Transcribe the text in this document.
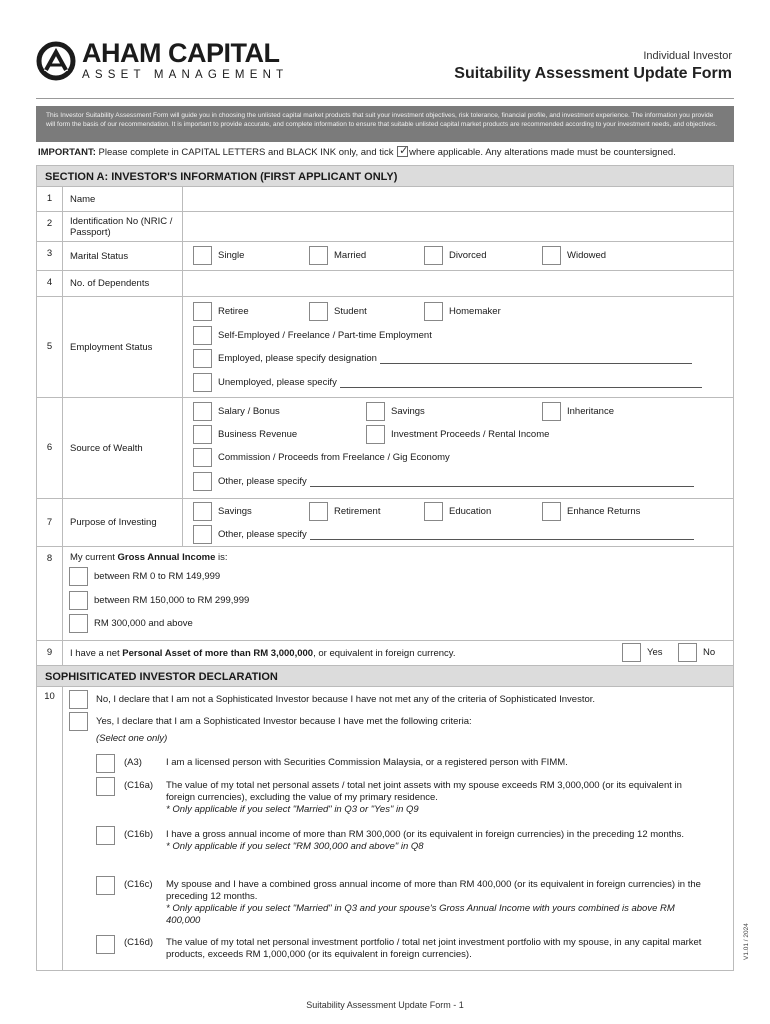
AHAM CAPITAL
ASSET MANAGEMENT
Individual Investor
Suitability Assessment Update Form
This Investor Suitability Assessment Form will guide you in choosing the unlisted capital market products that suit your investment objectives, risk tolerance, financial profile, and investment experience. The information you provide will form the basis of our recommendation. It is important to provide accurate, and complete information to ensure that suitable unlisted capital market products are recommended according to your investment needs, and objectives.
IMPORTANT: Please complete in CAPITAL LETTERS and BLACK INK only, and tick ✓ where applicable. Any alterations made must be countersigned.
SECTION A: INVESTOR'S INFORMATION (FIRST APPLICANT ONLY)
1	Name
2	Identification No (NRIC / Passport)
3	Marital Status	Single	Married	Divorced	Widowed
4	No. of Dependents
5	Employment Status
Retiree	Student	Homemaker
Self-Employed / Freelance / Part-time Employment
Employed, please specify designation
Unemployed, please specify
6	Source of Wealth
Salary / Bonus	Savings	Inheritance
Business Revenue	Investment Proceeds / Rental Income
Commission / Proceeds from Freelance / Gig Economy
Other, please specify
7	Purpose of Investing
Savings	Retirement	Education	Enhance Returns
Other, please specify
8	My current Gross Annual Income is:
between RM 0 to RM 149,999
between RM 150,000 to RM 299,999
RM 300,000 and above
9	I have a net Personal Asset of more than RM 3,000,000, or equivalent in foreign currency.	Yes	No
SOPHISITICATED INVESTOR DECLARATION
10	No, I declare that I am not a Sophisticated Investor because I have not met any of the criteria of Sophisticated Investor.
Yes, I declare that I am a Sophisticated Investor because I have met the following criteria:
(Select one only)
(A3)	I am a licensed person with Securities Commission Malaysia, or a registered person with FIMM.
(C16a) The value of my total net personal assets / total net joint assets with my spouse exceeds RM 3,000,000 (or its equivalent in foreign currencies), excluding the value of my primary residence.
* Only applicable if you select "Married" in Q3 or "Yes" in Q9
(C16b) I have a gross annual income of more than RM 300,000 (or its equivalent in foreign currencies) in the preceding 12 months.
* Only applicable if you select "RM 300,000 and above" in Q8
(C16c) My spouse and I have a combined gross annual income of more than RM 400,000 (or its equivalent in foreign currencies) in the preceding 12 months.
* Only applicable if you select "Married" in Q3 and your spouse's Gross Annual Income with yours combined is above RM 400,000
(C16d) The value of my total net personal investment portfolio / total net joint investment portfolio with my spouse, in any capital market products, exceeds RM 1,000,000 (or its equivalent in foreign currencies).	V1.01 / 2024
Suitability Assessment Update Form - 1
